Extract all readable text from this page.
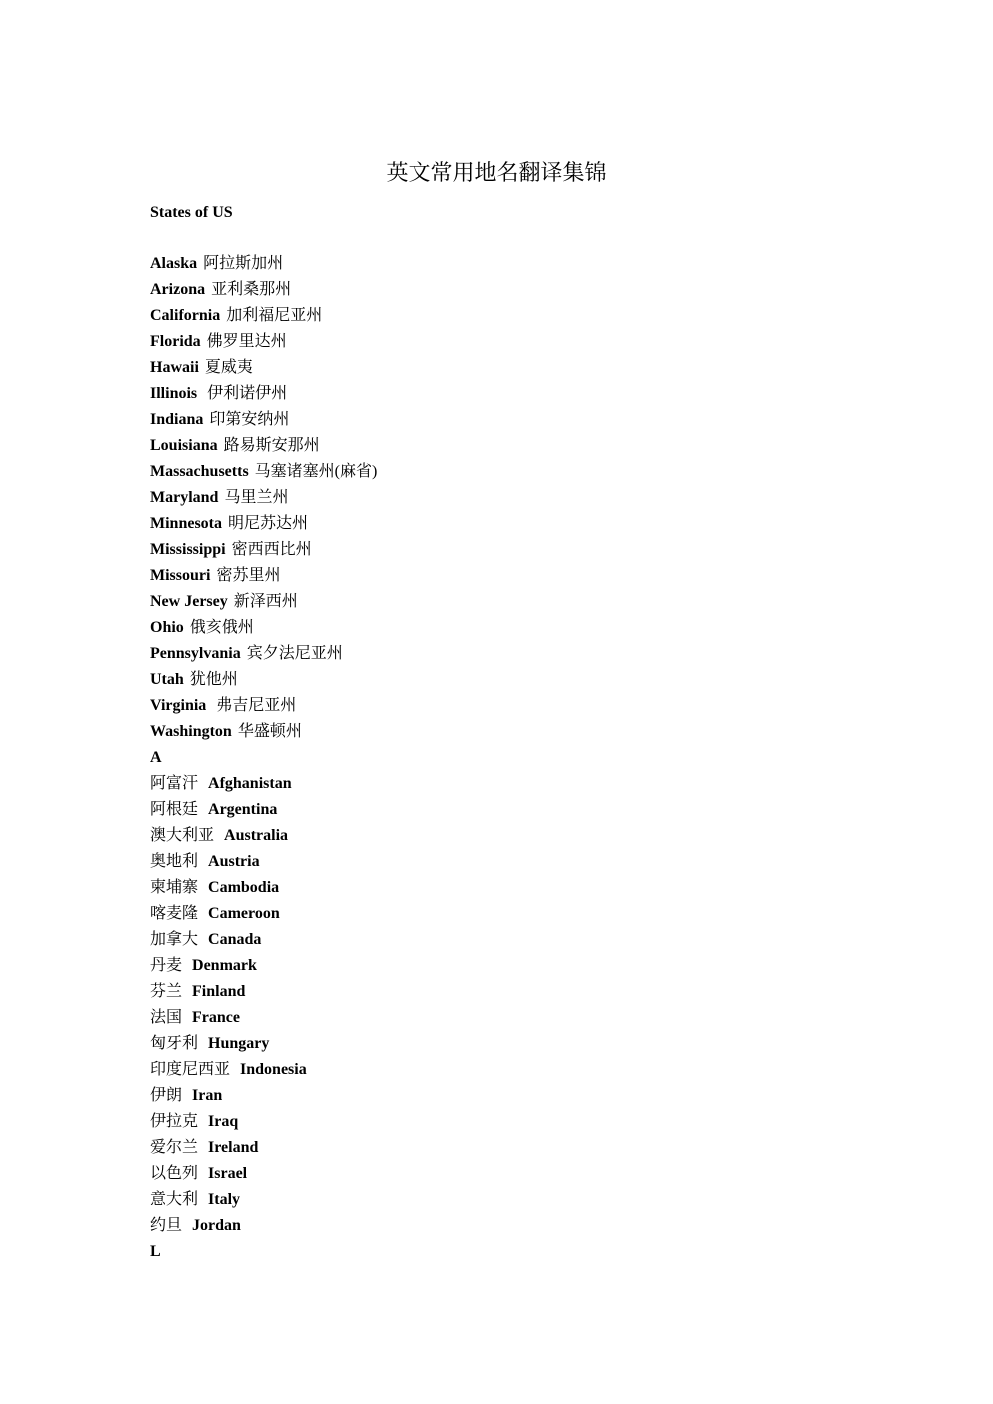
英文常用地名翻译集锦
States of US
Alaska 阿拉斯加州
Arizona 亚利桑那州
California 加利福尼亚州
Florida 佛罗里达州
Hawaii 夏威夷
Illinois 伊利诺伊州
Indiana 印第安纳州
Louisiana 路易斯安那州
Massachusetts 马塞诸塞州(麻省)
Maryland 马里兰州
Minnesota 明尼苏达州
Mississippi 密西西比州
Missouri 密苏里州
New Jersey 新泽西州
Ohio 俄亥俄州
Pennsylvania 宾夕法尼亚州
Utah 犹他州
Virginia 弗吉尼亚州
Washington 华盛顿州
A
阿富汗 Afghanistan
阿根廷 Argentina
澳大利亚 Australia
奥地利 Austria
柬埔寨 Cambodia
喀麦隆 Cameroon
加拿大 Canada
丹麦 Denmark
芬兰 Finland
法国 France
匈牙利 Hungary
印度尼西亚 Indonesia
伊朗 Iran
伊拉克 Iraq
爱尔兰 Ireland
以色列 Israel
意大利 Italy
约旦 Jordan
L
